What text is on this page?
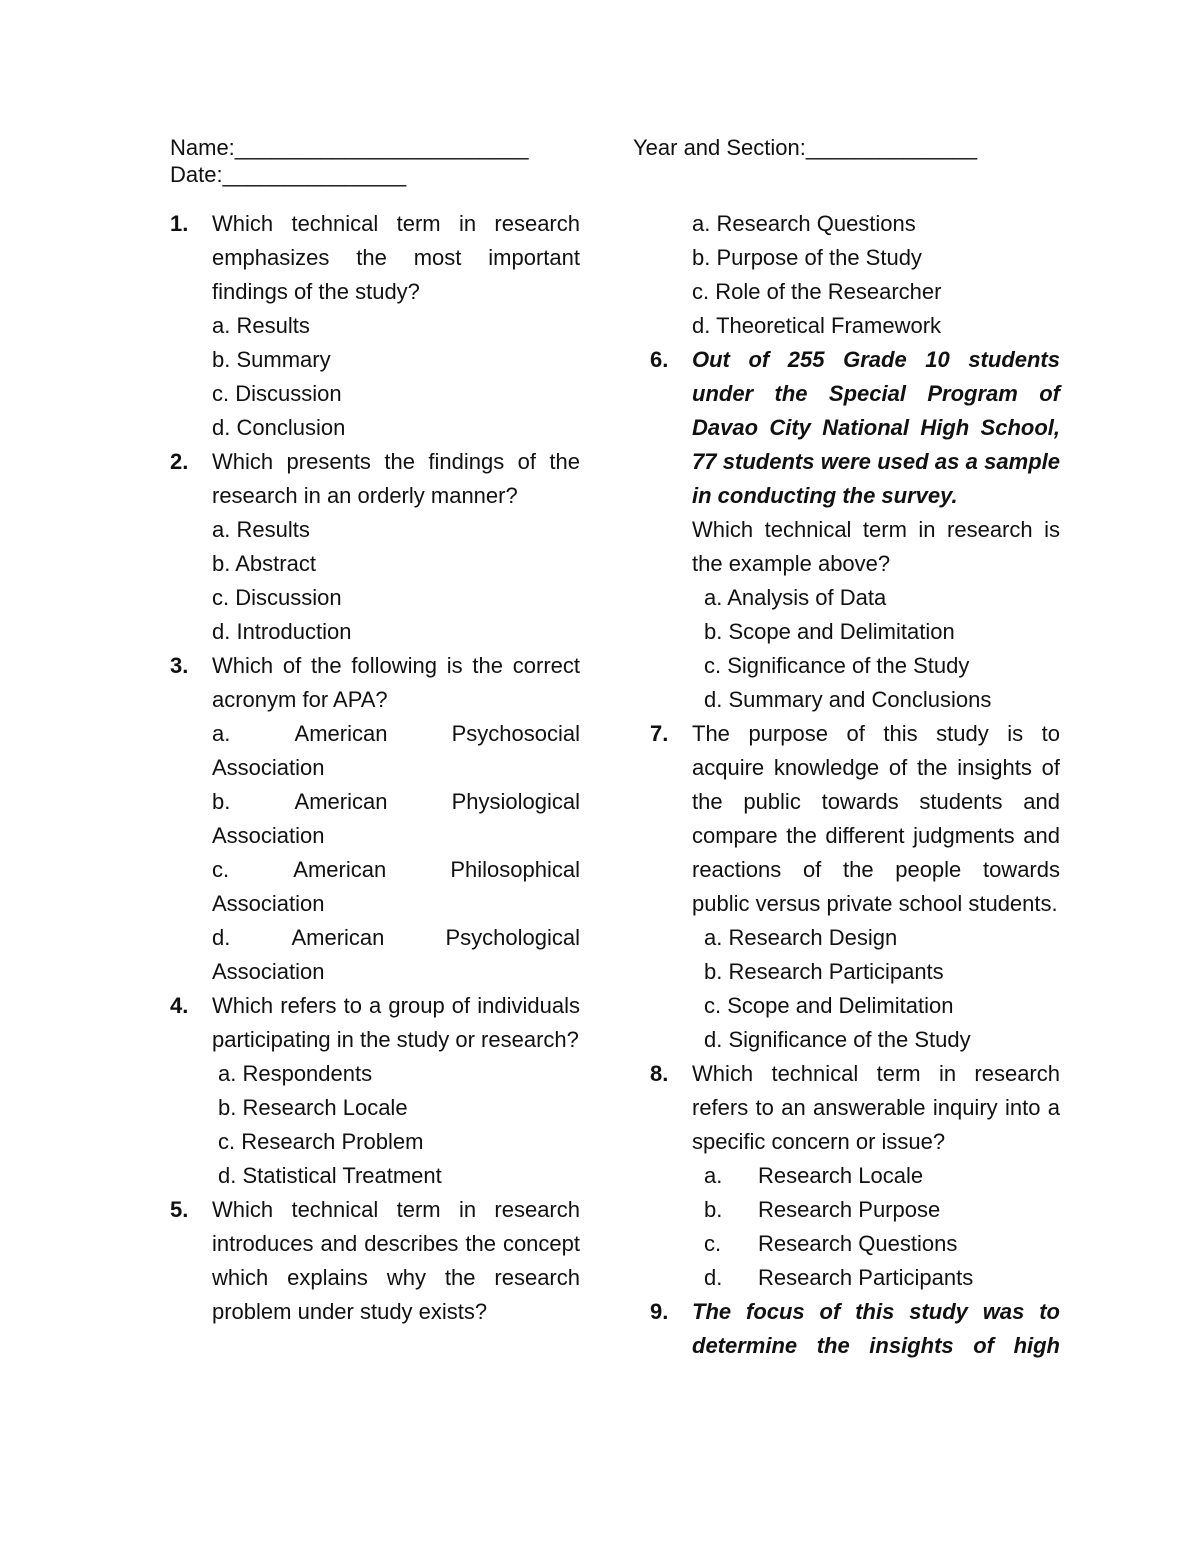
Name:________________________	Year and Section:______________
Date:_______________
1. Which technical term in research emphasizes the most important findings of the study?
a. Results
b. Summary
c. Discussion
d. Conclusion
2. Which presents the findings of the research in an orderly manner?
a. Results
b. Abstract
c. Discussion
d. Introduction
3. Which of the following is the correct acronym for APA?
a.	American	Psychosocial
Association
b.	American	Physiological
Association
c.	American	Philosophical
Association
d.	American	Psychological
Association
4. Which refers to a group of individuals participating in the study or research?
a. Respondents
b. Research Locale
c. Research Problem
d. Statistical Treatment
5. Which technical term in research introduces and describes the concept which explains why the research problem under study exists?
a. Research Questions
b. Purpose of the Study
c. Role of the Researcher
d. Theoretical Framework
6. Out of 255 Grade 10 students under the Special Program of Davao City National High School, 77 students were used as a sample in conducting the survey.
Which technical term in research is the example above?
a. Analysis of Data
b. Scope and Delimitation
c. Significance of the Study
d. Summary and Conclusions
7. The purpose of this study is to acquire knowledge of the insights of the public towards students and compare the different judgments and reactions of the people towards public versus private school students.
a. Research Design
b. Research Participants
c. Scope and Delimitation
d. Significance of the Study
8. Which technical term in research refers to an answerable inquiry into a specific concern or issue?
a.	Research Locale
b.	Research Purpose
c.	Research Questions
d.	Research Participants
9. The focus of this study was to
determine the insights of high
